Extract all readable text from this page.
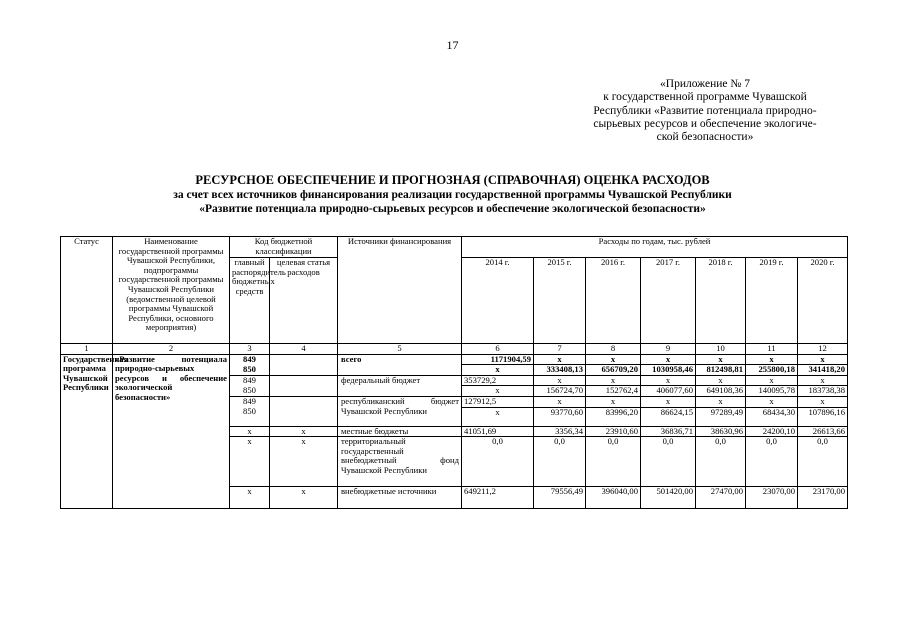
17
«Приложение № 7
к государственной программе Чувашской
Республики «Развитие потенциала природно-
сырьевых ресурсов и обеспечение экологиче-
ской безопасности»
РЕСУРСНОЕ ОБЕСПЕЧЕНИЕ И ПРОГНОЗНАЯ (СПРАВОЧНАЯ) ОЦЕНКА РАСХОДОВ
за счет всех источников финансирования реализации государственной программы Чувашской Республики
«Развитие потенциала природно-сырьевых ресурсов и обеспечение экологической безопасности»
Статус	Наименование государственной программы Чувашской Республики, подпрограммы государственной программы Чувашской Республики (ведомственной целевой программы Чувашской Республики, основного мероприятия)	Код бюджетной классификации		Источники финансирования	Расходы по годам, тыс. рублей						
		главный распорядитель бюджетных средств	целевая статья расходов		2014 г.	2015 г.	2016 г.	2017 г.	2018 г.	2019 г.	2020 г.

1	2	3	4	5	6	7	8	9	10	11	12
Государственная программа Чувашской Республики	«Развитие потенциала природно-сырьевых ресурсов и обеспечение экологической безопасности»	849		всего	1171904,59	x	x	x	x	x	x
		850			x	333408,13	656709,20	1030958,46	812498,81	255800,18	341418,20
		849		федеральный бюджет	353729,2	x	x	x	x	x	x
		850			x	156724,70	152762,4	406077,60	649108,36	140095,78	183738,38
		849		республиканский бюджет Чувашской Республики	127912,5	x	x	x	x	x	x
		850			x	93770,60	83996,20	86624,15	97289,49	68434,30	107896,16
		x	x	местные бюджеты	41051,69	3356,34	23910,60	36836,71	38630,96	24200,10	26613,66
		x	x	территориальный государственный внебюджетный фонд Чувашской Республики	0,0	0,0	0,0	0,0	0,0	0,0	0,0
		x	x	внебюджетные источники	649211,2	79556,49	396040,00	501420,00	27470,00	23070,00	23170,00
